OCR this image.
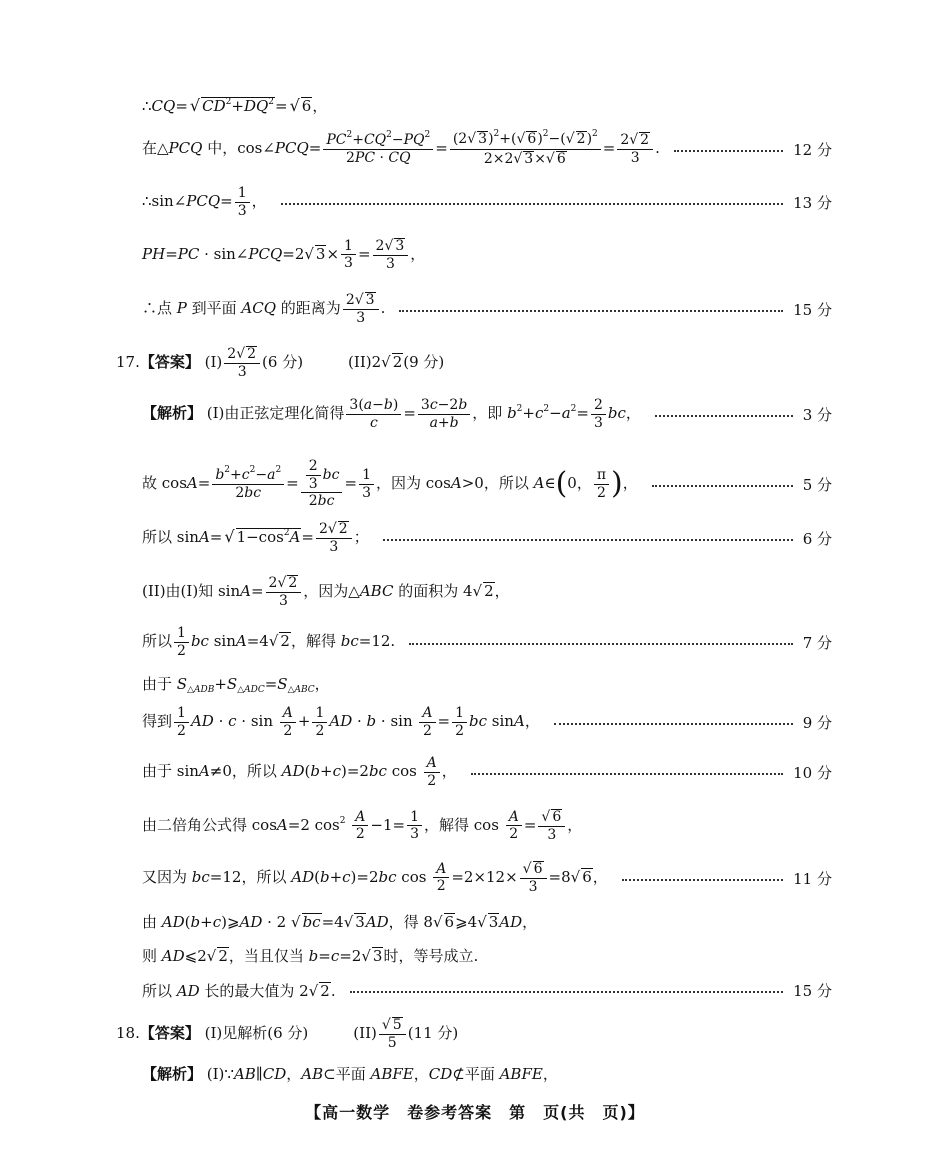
∴CQ= √ $CD^2+DQ^2=$ √ 6，
在△PCQ 中，cos∠PCQ= $\frac{PC^2+CQ^2-PQ^2}{2PC \cdot CQ} = \frac{(2√ 3)^2+(√ 6)^2-(√ 2)^2}{2\times 2√ 3\times√ 6} = \frac{2√ 2}{3}$ .	12 分
∴sin∠PCQ= $\frac{1}{3}$ ，	13 分
PH=PC · sin∠PCQ=2√ $3\times \frac{1}{3} = \frac{2√ 3}{3}$ ，
∴点 P 到平面 ACQ 的距离为 $\frac{2√ 3}{3}$ .	15 分
17.【答案】 $(I) \frac{2√ 2}{3} (6$ 分)　　　(II)2√ 2(9 分)
【解析】 (I)由正弦定理化简得 $\frac{3(a-b)}{c} = \frac{3c-2b}{a+b}$ ，即 $b^2+c^2-a^2= \frac{2}{3}$ bc，	3 分
故 $\cos A= \frac{b^2+c^2-a^2}{2bc} = \frac{\frac{2}{3} bc}{2bc} = \frac{1}{3}$ ，因为 cosA>0，所以 A∈(0， $\frac{\pi}{2}$ )，	5 分
所以 sinA= √ $1-\cos^2A= \frac{2√ 2}{3}$ ；	6 分
(II)由(I)知 $\sin A= \frac{2√ 2}{3}$ ，因为△ABC 的面积为 4√ 2，
所以 $\frac{1}{2}$ bc sinA=4√ 2，解得 bc=12.	7 分
由于 $S_{\triangle ADB}+S_{\triangle ADC}=S_{\triangle ABC}$，
得到 $\frac{1}{2}$ AD · $c \cdot \sin \frac{A}{2} + \frac{1}{2}$ AD · $b \cdot \sin \frac{A}{2} = \frac{1}{2}$ bc sinA，	9 分
由于 sinA≠0，所以 AD(b+c)=2bc $\cos \frac{A}{2}$ ，	10 分
由二倍角公式得 cosA=2 $\cos^2 \frac{A}{2} -1= \frac{1}{3}$ ，解得 $\cos \frac{A}{2} = \frac{√ 6}{3}$ ，
又因为 bc=12，所以 AD(b+c)=2bc $\cos \frac{A}{2} =2\times 12\times \frac{√ 6}{3} =8√$ 6，	11 分
由 AD(b+c)⩾AD · 2 √ bc=4√ 3AD，得 8√ 6⩾4√ 3AD，
则 AD⩽2√ 2，当且仅当 b=c=2√ 3时，等号成立.
所以 AD 长的最大值为 2√ 2.	15 分
18.【答案】 (I)见解析(6 分)　　　$(II) \frac{√ 5}{5} (11$ 分)
【解析】 (I)∵AB∥CD，AB⊂平面 ABFE，CD⊄平面 ABFE，
【高一数学　卷参考答案　第　页(共　页)】
